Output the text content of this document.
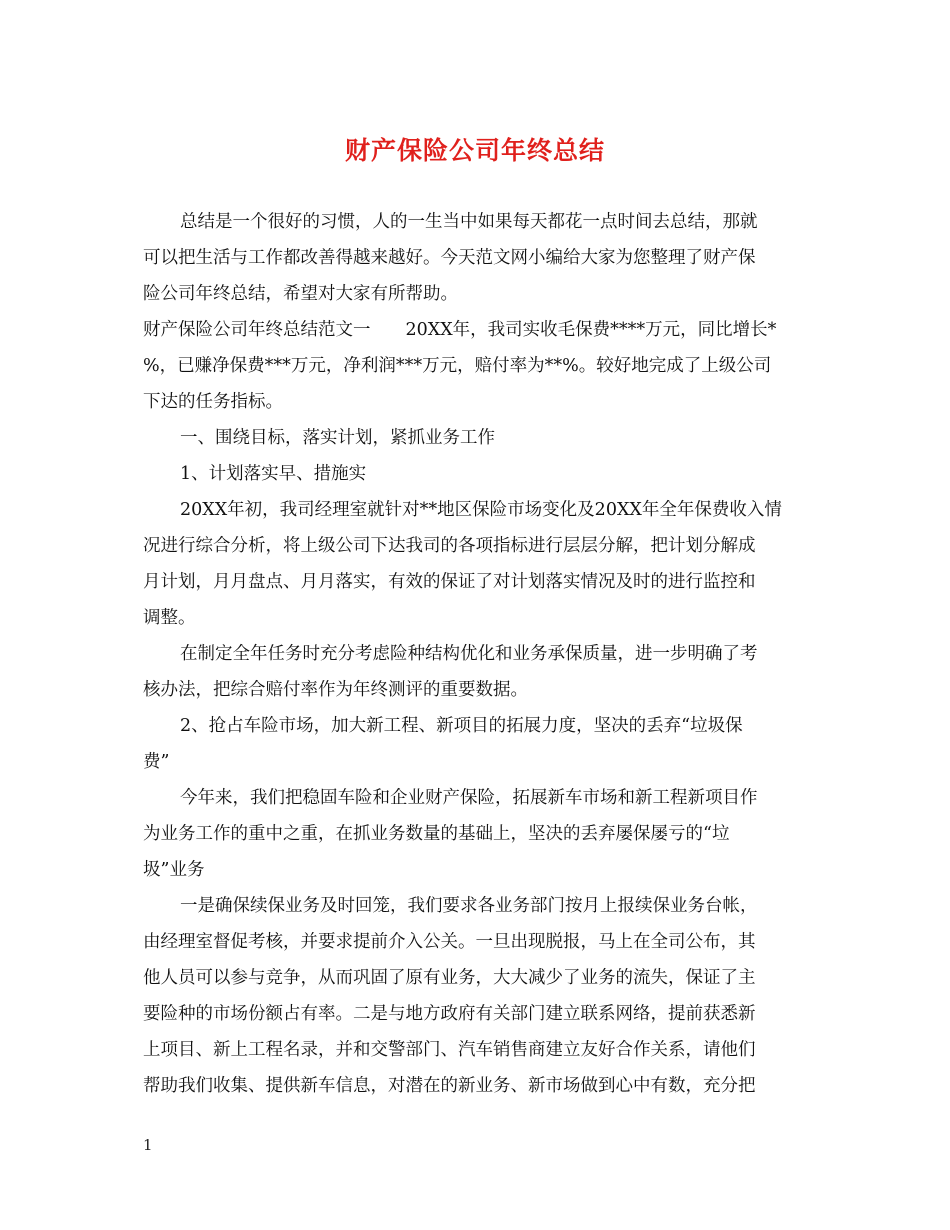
财产保险公司年终总结
总结是一个很好的习惯，人的一生当中如果每天都花一点时间去总结，那就
可以把生活与工作都改善得越来越好。今天范文网小编给大家为您整理了财产保
险公司年终总结，希望对大家有所帮助。
财产保险公司年终总结范文一　　20XX年，我司实收毛保费****万元，同比增长*
%，已赚净保费***万元，净利润***万元，赔付率为**%。较好地完成了上级公司
下达的任务指标。
一、围绕目标，落实计划，紧抓业务工作
1、计划落实早、措施实
20XX年初，我司经理室就针对**地区保险市场变化及20XX年全年保费收入情
况进行综合分析，将上级公司下达我司的各项指标进行层层分解，把计划分解成
月计划，月月盘点、月月落实，有效的保证了对计划落实情况及时的进行监控和
调整。
在制定全年任务时充分考虑险种结构优化和业务承保质量，进一步明确了考
核办法，把综合赔付率作为年终测评的重要数据。
2、抢占车险市场，加大新工程、新项目的拓展力度，坚决的丢弃“垃圾保
费”
今年来，我们把稳固车险和企业财产保险，拓展新车市场和新工程新项目作
为业务工作的重中之重，在抓业务数量的基础上，坚决的丢弃屡保屡亏的“垃
圾”业务
一是确保续保业务及时回笼，我们要求各业务部门按月上报续保业务台帐，
由经理室督促考核，并要求提前介入公关。一旦出现脱报，马上在全司公布，其
他人员可以参与竞争，从而巩固了原有业务，大大减少了业务的流失，保证了主
要险种的市场份额占有率。二是与地方政府有关部门建立联系网络，提前获悉新
上项目、新上工程名录，并和交警部门、汽车销售商建立友好合作关系，请他们
帮助我们收集、提供新车信息，对潜在的新业务、新市场做到心中有数，充分把
1
